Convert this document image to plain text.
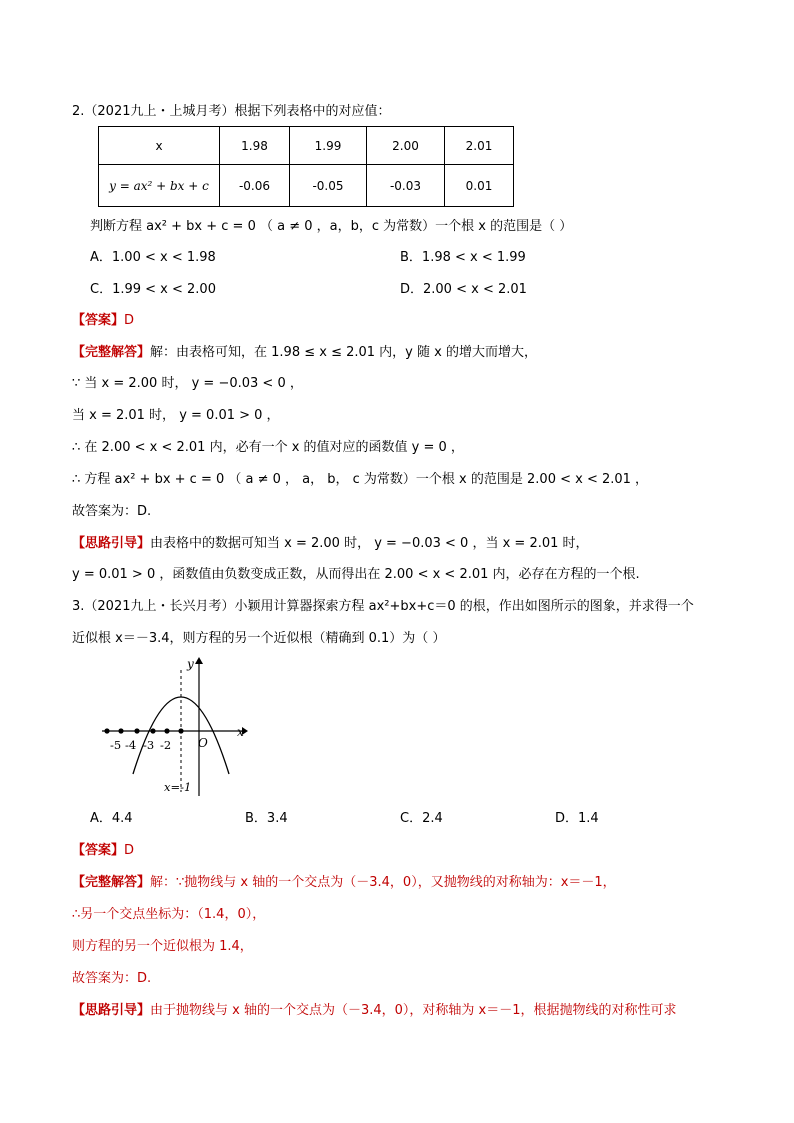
2.（2021九上・上城月考）根据下列表格中的对应值：
x	1.98	1.99	2.00	2.01
y = ax² + bx + c	-0.06	-0.05	-0.03	0.01
判断方程 ax² + bx + c = 0 （ a ≠ 0 ，a，b，c 为常数）一个根 x 的范围是（ ）
A．1.00 < x < 1.98	B．1.98 < x < 1.99
C．1.99 < x < 2.00	D．2.00 < x < 2.01
【答案】D
【完整解答】解：由表格可知，在 1.98 ≤ x ≤ 2.01 内，y 随 x 的增大而增大，
∵ 当 x = 2.00 时， y = −0.03 < 0 ，
当 x = 2.01 时， y = 0.01 > 0 ，
∴ 在 2.00 < x < 2.01 内，必有一个 x 的值对应的函数值 y = 0 ，
∴ 方程 ax² + bx + c = 0 （ a ≠ 0 ， a， b， c 为常数）一个根 x 的范围是 2.00 < x < 2.01 ，
故答案为：D.
【思路引导】由表格中的数据可知当 x = 2.00 时， y = −0.03 < 0 ，当 x = 2.01 时，
y = 0.01 > 0 ，函数值由负数变成正数，从而得出在 2.00 < x < 2.01 内，必存在方程的一个根.
3.（2021九上・长兴月考）小颖用计算器探索方程 ax²+bx+c＝0 的根，作出如图所示的图象，并求得一个
近似根 x＝－3.4，则方程的另一个近似根（精确到 0.1）为（ ）
y
x
O
-5 -4 -3 -2
x=-1
A．4.4	B．3.4	C．2.4	D．1.4
【答案】D
【完整解答】解：∵抛物线与 x 轴的一个交点为（－3.4，0），又抛物线的对称轴为：x＝－1，
∴另一个交点坐标为：（1.4，0），
则方程的另一个近似根为 1.4，
故答案为：D.
【思路引导】由于抛物线与 x 轴的一个交点为（－3.4，0），对称轴为 x＝－1，根据抛物线的对称性可求
